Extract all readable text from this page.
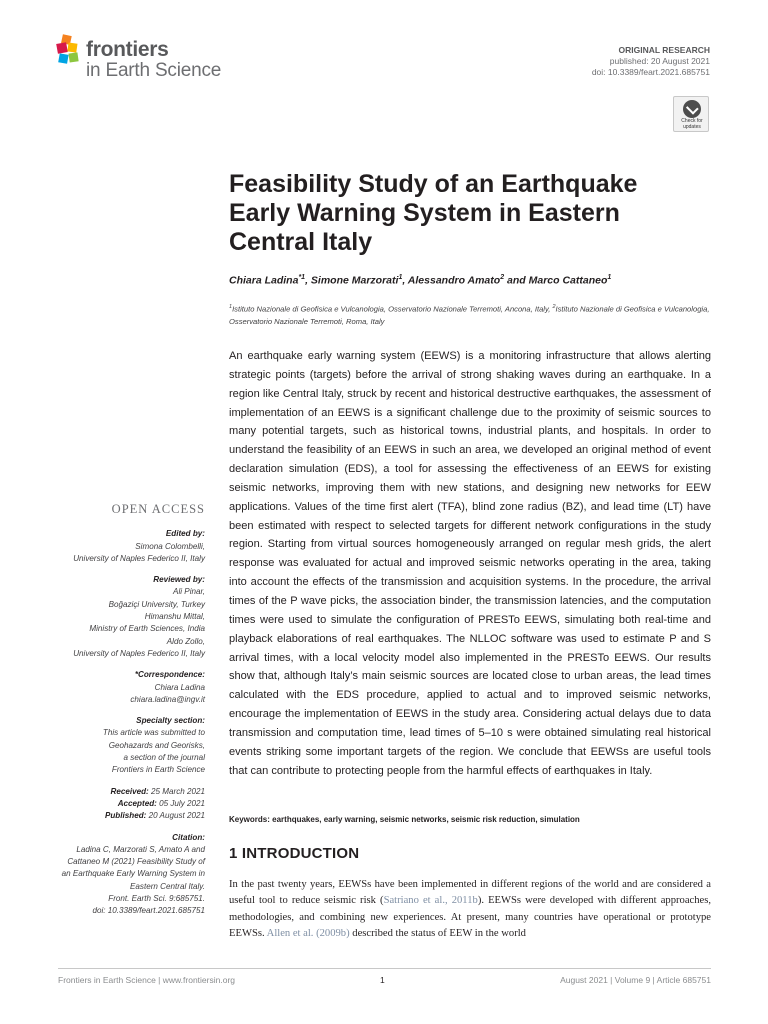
frontiers
in Earth Science
ORIGINAL RESEARCH
published: 20 August 2021
doi: 10.3389/feart.2021.685751
Check for
updates
Feasibility Study of an Earthquake Early Warning System in Eastern Central Italy
Chiara Ladina$^{*1}$, Simone Marzorati$^1$, Alessandro Amato$^2$ and Marco Cattaneo$^1$
$^1$Istituto Nazionale di Geofisica e Vulcanologia, Osservatorio Nazionale Terremoti, Ancona, Italy, $^2$Istituto Nazionale di Geofisica e Vulcanologia, Osservatorio Nazionale Terremoti, Roma, Italy

An earthquake early warning system (EEWS) is a monitoring infrastructure that allows alerting strategic points (targets) before the arrival of strong shaking waves during an earthquake. In a region like Central Italy, struck by recent and historical destructive earthquakes, the assessment of implementation of an EEWS is a significant challenge due to the proximity of seismic sources to many potential targets, such as historical towns, industrial plants, and hospitals. In order to understand the feasibility of an EEWS in such an area, we developed an original method of event declaration simulation (EDS), a tool for assessing the effectiveness of an EEWS for existing seismic networks, improving them with new stations, and designing new networks for EEW applications. Values of the time first alert (TFA), blind zone radius (BZ), and lead time (LT) have been estimated with respect to selected targets for different network configurations in the study region. Starting from virtual sources homogeneously arranged on regular mesh grids, the alert response was evaluated for actual and improved seismic networks operating in the area, taking into account the effects of the transmission and acquisition systems. In the procedure, the arrival times of the P wave picks, the association binder, the transmission latencies, and the computation times were used to simulate the configuration of PRESTo EEWS, simulating both real-time and playback elaborations of real earthquakes. The NLLOC software was used to estimate P and S arrival times, with a local velocity model also implemented in the PRESTo EEWS. Our results show that, although Italy’s main seismic sources are located close to urban areas, the lead times calculated with the EDS procedure, applied to actual and to improved seismic networks, encourage the implementation of EEWS in the study area. Considering actual delays due to data transmission and computation time, lead times of 5–10 s were obtained simulating real historical events striking some important targets of the region. We conclude that EEWSs are useful tools that can contribute to protecting people from the harmful effects of earthquakes in Italy.

Keywords: earthquakes, early warning, seismic networks, seismic risk reduction, simulation
1 INTRODUCTION

In the past twenty years, EEWSs have been implemented in different regions of the world and are considered a useful tool to reduce seismic risk (Satriano et al., 2011b). EEWSs were developed with different approaches, methodologies, and combining new experiences. At present, many countries have operational or prototype EEWSs. Allen et al. (2009b) described the status of EEW in the world

OPEN ACCESS
Edited by:
Simona Colombelli,
University of Naples Federico II, Italy
Reviewed by:
Ali Pinar,
Boğaziçi University, Turkey
Himanshu Mittal,
Ministry of Earth Sciences, India
Aldo Zollo,
University of Naples Federico II, Italy
*Correspondence:
Chiara Ladina
chiara.ladina@ingv.it
Specialty section:
This article was submitted to
Geohazards and Georisks,
a section of the journal
Frontiers in Earth Science
Received: 25 March 2021
Accepted: 05 July 2021
Published: 20 August 2021
Citation:
Ladina C, Marzorati S, Amato A and
Cattaneo M (2021) Feasibility Study of
an Earthquake Early Warning System in
Eastern Central Italy.
Front. Earth Sci. 9:685751.
doi: 10.3389/feart.2021.685751
Frontiers in Earth Science | www.frontiersin.org	1	August 2021 | Volume 9 | Article 685751
